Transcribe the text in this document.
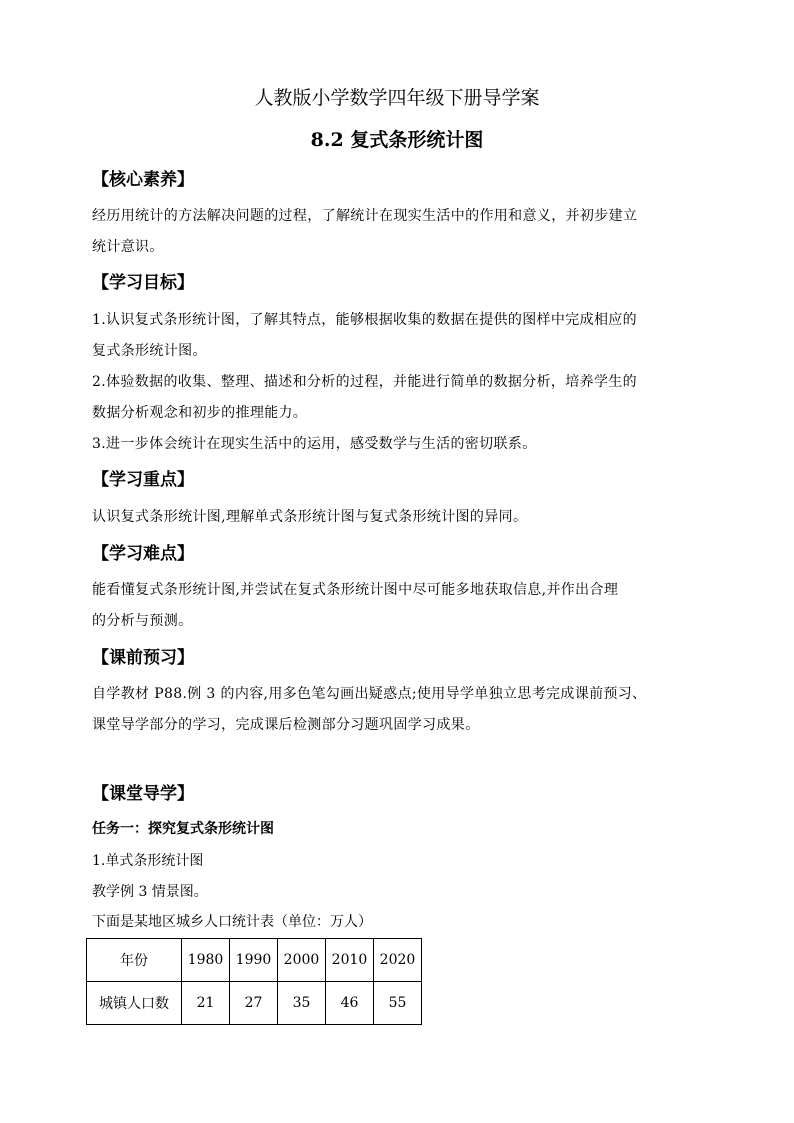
人教版小学数学四年级下册导学案
8.2 复式条形统计图
【核心素养】

经历用统计的方法解决问题的过程，了解统计在现实生活中的作用和意义，并初步建立

统计意识。

【学习目标】

1.认识复式条形统计图，了解其特点，能够根据收集的数据在提供的图样中完成相应的

复式条形统计图。

2.体验数据的收集、整理、描述和分析的过程，并能进行简单的数据分析，培养学生的

数据分析观念和初步的推理能力。

3.进一步体会统计在现实生活中的运用，感受数学与生活的密切联系。

【学习重点】

认识复式条形统计图,理解单式条形统计图与复式条形统计图的异同。

【学习难点】

能看懂复式条形统计图,并尝试在复式条形统计图中尽可能多地获取信息,并作出合理

的分析与预测。

【课前预习】

自学教材 P88.例 3 的内容,用多色笔勾画出疑惑点;使用导学单独立思考完成课前预习、

课堂导学部分的学习，完成课后检测部分习题巩固学习成果。

【课堂导学】
任务一：探究复式条形统计图
1.单式条形统计图
教学例 3 情景图。
下面是某地区城乡人口统计表（单位：万人）
年份	1980	1990	2000	2010	2020
城镇人口数	21	27	35	46	55
